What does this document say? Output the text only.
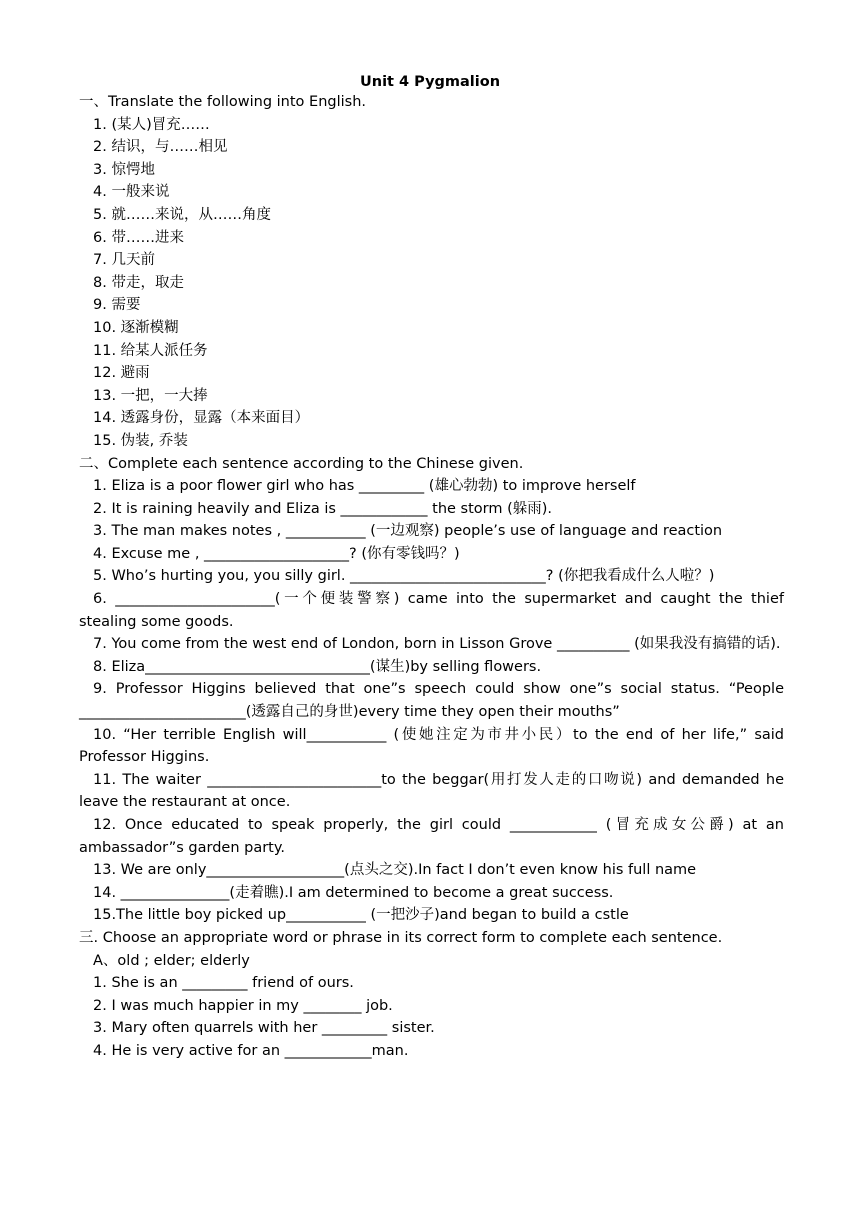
Unit 4 Pygmalion
一、Translate the following into English.
1. (某人)冒充……
2. 结识，与……相见
3. 惊愕地
4. 一般来说
5. 就……来说，从……角度
6. 带……进来
7. 几天前
8. 带走，取走
9. 需要
10. 逐渐模糊
11. 给某人派任务
12. 避雨
13. 一把，一大捧
14. 透露身份，显露（本来面目）
15. 伪装, 乔装
二、Complete each sentence according to the Chinese given.
1. Eliza is a poor flower girl who has _________ (雄心勃勃) to improve herself
2. It is raining heavily and Eliza is ____________ the storm (躲雨).
3. The man makes notes , ___________ (一边观察) people’s use of language and reaction
4. Excuse me , ____________________? (你有零钱吗？)
5. Who’s hurting you, you silly girl. ___________________________? (你把我看成什么人啦？)
6. ______________________(一个便装警察) came into the supermarket and caught the thief stealing some goods.
7. You come from the west end of London, born in Lisson Grove __________ (如果我没有搞错的话).
8. Eliza_______________________________(谋生)by selling flowers.
9. Professor Higgins believed that one”s speech could show one”s social status. “People _______________________(透露自己的身世)every time they open their mouths”
10. “Her terrible English will___________ (使她注定为市井小民）to the end of her life,” said Professor Higgins.
11. The waiter ________________________to the beggar(用打发人走的口吻说) and demanded he leave the restaurant at once.
12. Once educated to speak properly, the girl could ____________ (冒充成女公爵) at an ambassador”s garden party.
13. We are only___________________(点头之交).In fact I don’t even know his full name
14. _______________(走着瞧).I am determined to become a great success.
15.The little boy picked up___________ (一把沙子)and began to build a cstle
三. Choose an appropriate word or phrase in its correct form to complete each sentence.
A、old ; elder; elderly
1. She is an _________ friend of ours.
2. I was much happier in my ________ job.
3. Mary often quarrels with her _________ sister.
4. He is very active for an ____________man.
